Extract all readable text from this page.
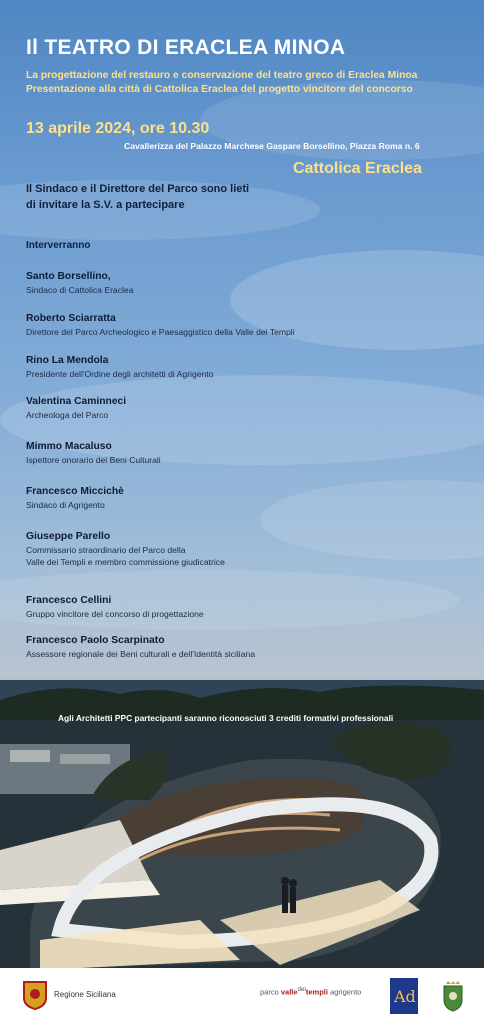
Il TEATRO DI ERACLEA MINOA
La progettazione del restauro e conservazione del teatro greco di Eraclea Minoa
Presentazione alla città di Cattolica Eraclea del progetto vincitore del concorso
13 aprile 2024, ore 10.30
Cavallerizza del Palazzo Marchese Gaspare Borsellino, Piazza Roma n. 6
Cattolica Eraclea
Il Sindaco e il Direttore del Parco sono lieti
di invitare la S.V. a partecipare
Interverranno
Santo Borsellino,
Sindaco di Cattolica Eraclea
Roberto Sciarratta
Direttore del Parco Archeologico e Paesaggistico della Valle dei Templi
Rino La Mendola
Presidente dell'Ordine degli architetti di Agrigento
Valentina Caminneci
Archeologa del Parco
Mimmo Macaluso
Ispettore onorario dei Beni Culturali
Francesco Miccichè
Sindaco di Agrigento
Giuseppe Parello
Commissario straordinario del Parco della
Valle dei Templi e membro commissione giudicatrice
Francesco Cellini
Gruppo vincitore del concorso di progettazione
Francesco Paolo Scarpinato
Assessore regionale dei Beni culturali e dell'Identità siciliana
Agli Architetti PPC partecipanti saranno riconosciuti 3 crediti formativi professionali
Regione Siciliana	parco valle$^{dei}$templi agrigento Ad
